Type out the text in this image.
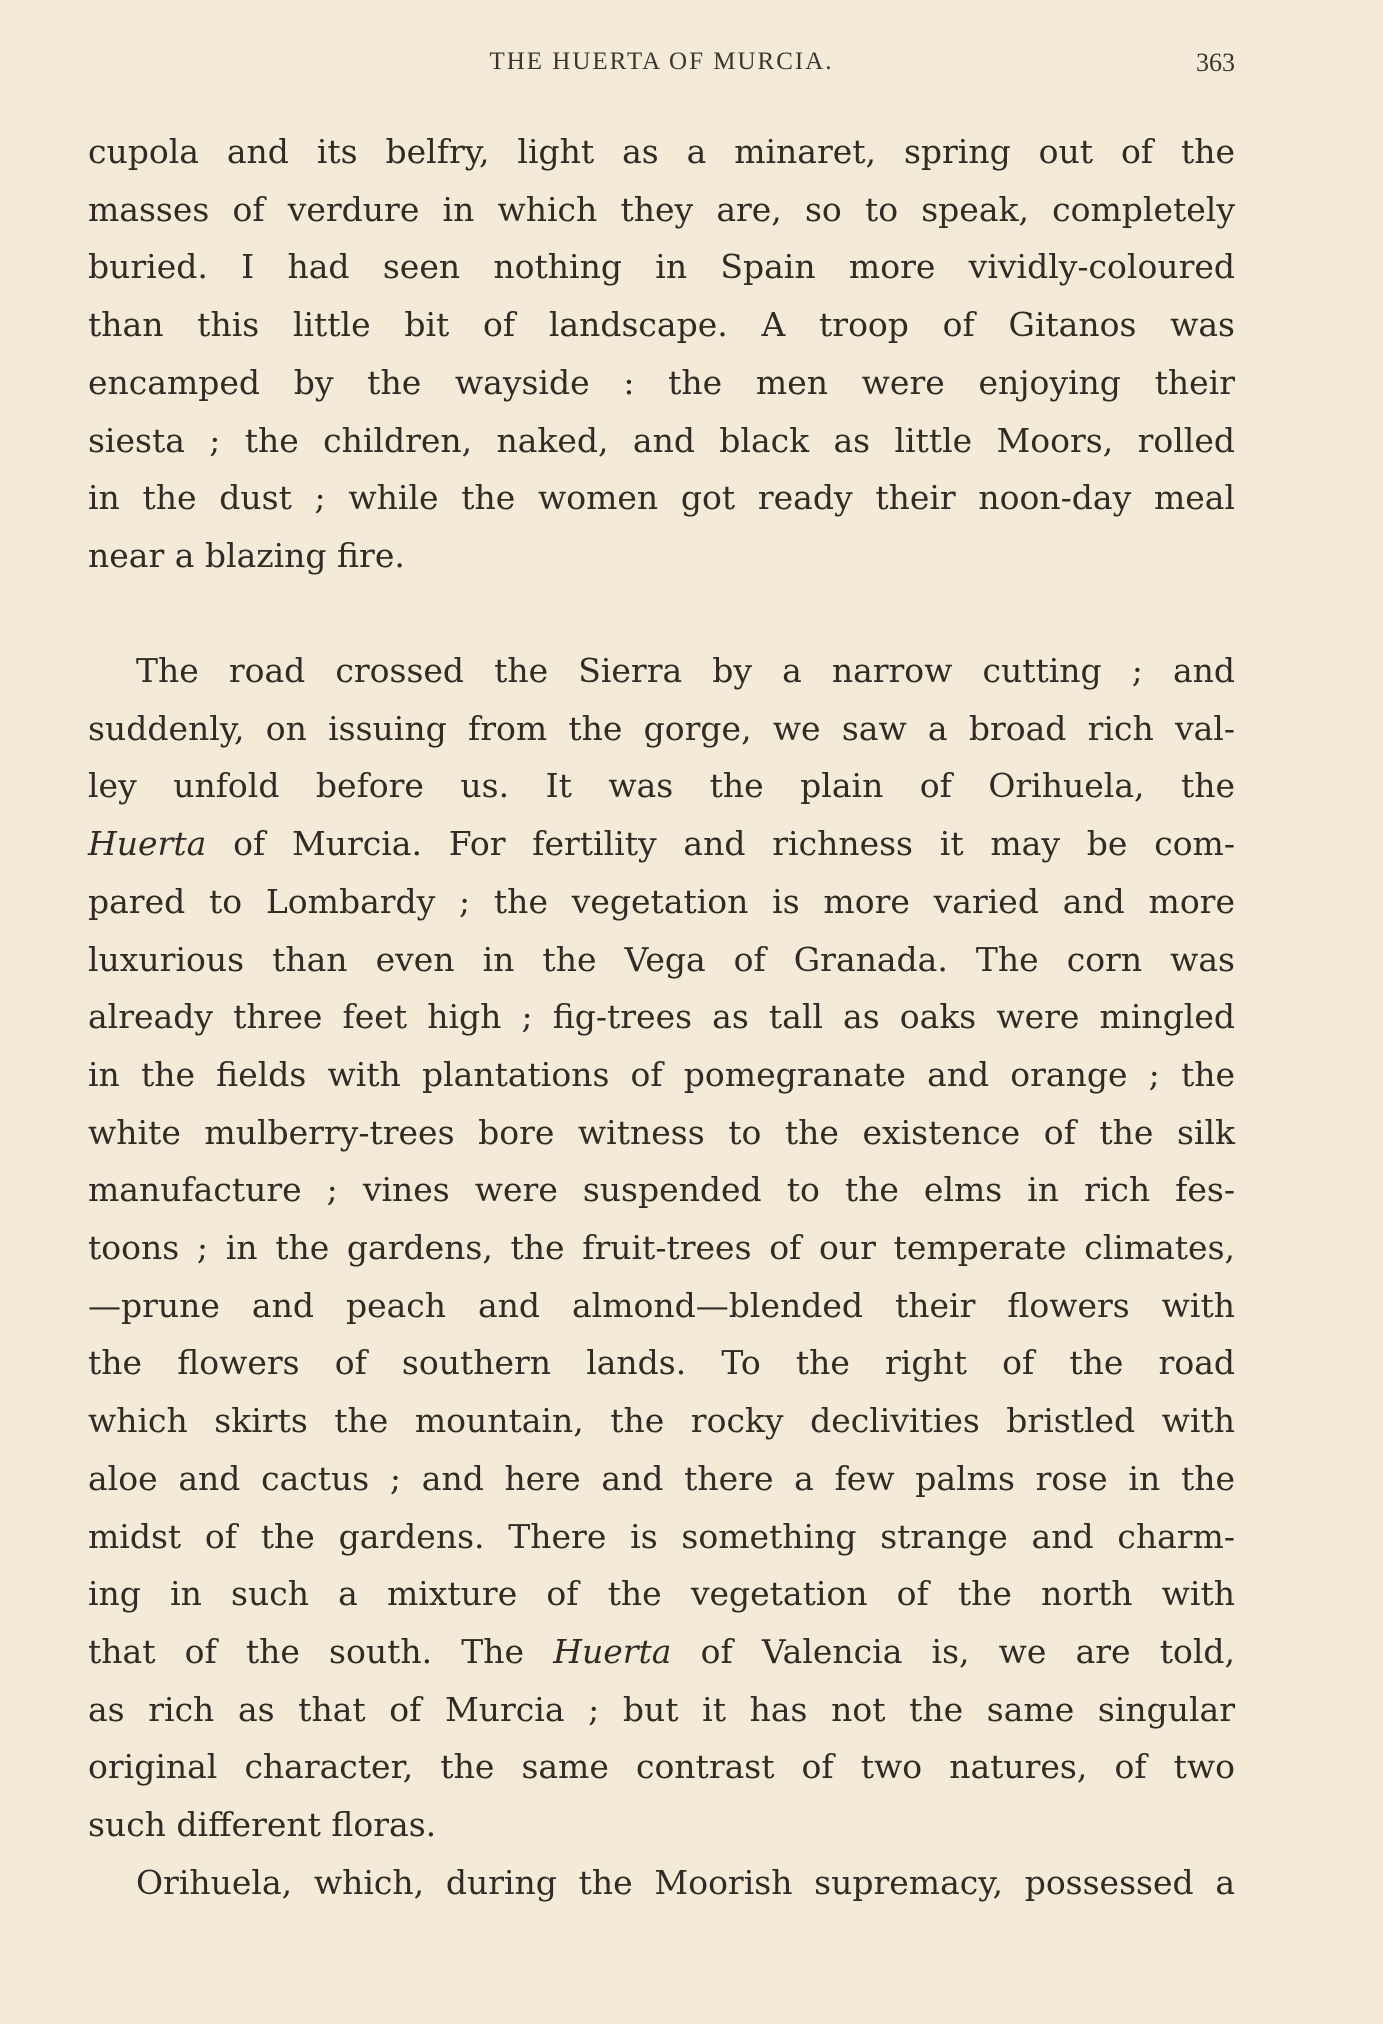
THE HUERTA OF MURCIA.	363
cupola and its belfry, light as a minaret, spring out of the
masses of verdure in which they are, so to speak, completely
buried. I had seen nothing in Spain more vividly-coloured
than this little bit of landscape. A troop of Gitanos was
encamped by the wayside : the men were enjoying their
siesta ; the children, naked, and black as little Moors, rolled
in the dust ; while the women got ready their noon-day meal
near a blazing fire.
The road crossed the Sierra by a narrow cutting ; and
suddenly, on issuing from the gorge, we saw a broad rich val-
ley unfold before us. It was the plain of Orihuela, the
Huerta of Murcia. For fertility and richness it may be com-
pared to Lombardy ; the vegetation is more varied and more
luxurious than even in the Vega of Granada. The corn was
already three feet high ; fig-trees as tall as oaks were mingled
in the fields with plantations of pomegranate and orange ; the
white mulberry-trees bore witness to the existence of the silk
manufacture ; vines were suspended to the elms in rich fes-
toons ; in the gardens, the fruit-trees of our temperate climates,
—prune and peach and almond—blended their flowers with
the flowers of southern lands. To the right of the road
which skirts the mountain, the rocky declivities bristled with
aloe and cactus ; and here and there a few palms rose in the
midst of the gardens. There is something strange and charm-
ing in such a mixture of the vegetation of the north with
that of the south. The Huerta of Valencia is, we are told,
as rich as that of Murcia ; but it has not the same singular
original character, the same contrast of two natures, of two
such different floras.
Orihuela, which, during the Moorish supremacy, possessed a
